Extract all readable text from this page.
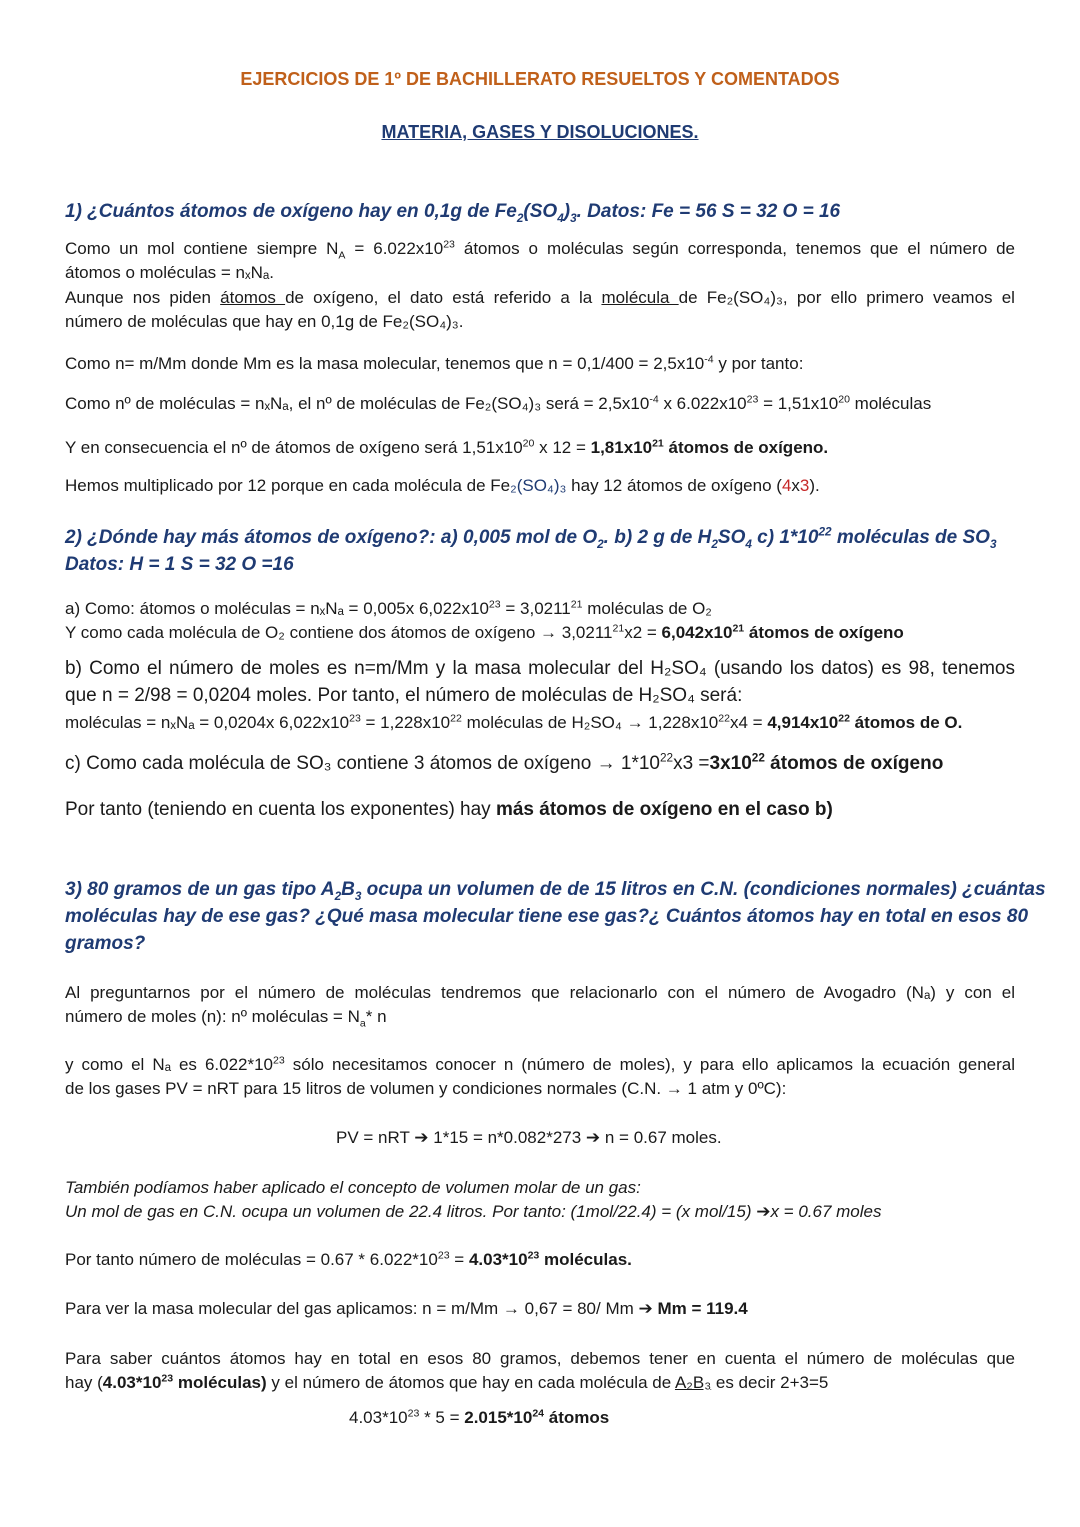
EJERCICIOS DE 1º DE BACHILLERATO RESUELTOS Y COMENTADOS
MATERIA, GASES Y DISOLUCIONES.
1) ¿Cuántos átomos de oxígeno hay en 0,1g de $Fe_2(SO_4)_3$. Datos: Fe = 56 S = 32 O = 16
Como un mol contiene siempre $N_A = 6.022x10^{23}$ átomos o moléculas según corresponda, tenemos que el número de
átomos o moléculas = nₓNₐ.
Aunque nos piden átomos de oxígeno, el dato está referido a la molécula de Fe₂(SO₄)₃, por ello primero veamos el
número de moléculas que hay en 0,1g de Fe₂(SO₄)₃.
Como n= m/Mm donde Mm es la masa molecular, tenemos que $n = 0,1/400 = 2,5x10^{-4}$ y por tanto:
Como nº de moléculas = nₓNₐ, el nº de moléculas de Fe₂(SO₄)₃ será = $2,5x10^{-4}$ x $6.022x10^{23} = 1,51x10^{20}$ moléculas
Y en consecuencia el nº de átomos de oxígeno será $1,51x10^{20}$ x $12 = 1,81x10^{21}$ átomos de oxígeno.
Hemos multiplicado por 12 porque en cada molécula de Fe₂(SO₄)₃ hay 12 átomos de oxígeno (4x3).
2) ¿Dónde hay más átomos de oxígeno?: a) 0,005 mol de $O_2$. b) 2 g de $H_2SO_4$ c) $1*10^{22}$ moléculas de $SO_3$
Datos: H = 1 S = 32 O =16
a) Como: átomos o moléculas = nₓNₐ = 0,005x $6,022x10^{23} = 3,0211^{21}$ moléculas de O₂
Y como cada molécula de O₂ contiene dos átomos de oxígeno → $3,0211^{21}x2 = 6,042x10^{21}$ átomos de oxígeno
b) Como el número de moles es n=m/Mm y la masa molecular del H₂SO₄ (usando los datos) es 98, tenemos
que n = 2/98 = 0,0204 moles. Por tanto, el número de moléculas de H₂SO₄ será:
moléculas = nₓNₐ = 0,0204x $6,022x10^{23} = 1,228x10^{22}$ moléculas de $H_2SO_4 \to 1,228x10^{22}x4 = 4,914x10^{22}$ átomos de O.
c) Como cada molécula de SO₃ contiene 3 átomos de oxígeno → $1*10^{22}x3 =3x10^{22}$ átomos de oxígeno
Por tanto (teniendo en cuenta los exponentes) hay más átomos de oxígeno en el caso b)
3) 80 gramos de un gas tipo $A_2B_3$ ocupa un volumen de de 15 litros en C.N. (condiciones normales) ¿cuántas
moléculas hay de ese gas? ¿Qué masa molecular tiene ese gas?¿ Cuántos átomos hay en total en esos 80
gramos?
Al preguntarnos por el número de moléculas tendremos que relacionarlo con el número de Avogadro (Nₐ) y con el
número de moles (n): nº moléculas = $N_a*$ n
y como el Nₐ es $6.022*10^{23}$ sólo necesitamos conocer n (número de moles), y para ello aplicamos la ecuación general
de los gases PV = nRT para 15 litros de volumen y condiciones normales (C.N. → 1 atm y 0ºC):
PV = nRT ➔ 1*15 = n*0.082*273 ➔ n = 0.67 moles.
También podíamos haber aplicado el concepto de volumen molar de un gas:
Un mol de gas en C.N. ocupa un volumen de 22.4 litros. Por tanto: (1mol/22.4) = (x mol/15) ➔x = 0.67 moles
Por tanto número de moléculas = $0.67 * 6.022*10^{23} = 4.03*10^{23}$ moléculas.
Para ver la masa molecular del gas aplicamos: n = m/Mm → 0,67 = 80/ Mm ➔ Mm = 119.4
Para saber cuántos átomos hay en total en esos 80 gramos, debemos tener en cuenta el número de moléculas que
hay ($4.03*10^{23}$ moléculas) y el número de átomos que hay en cada molécula de A₂B₃ es decir 2+3=5
$4.03*10^{23} * 5 = 2.015*10^{24}$ átomos
